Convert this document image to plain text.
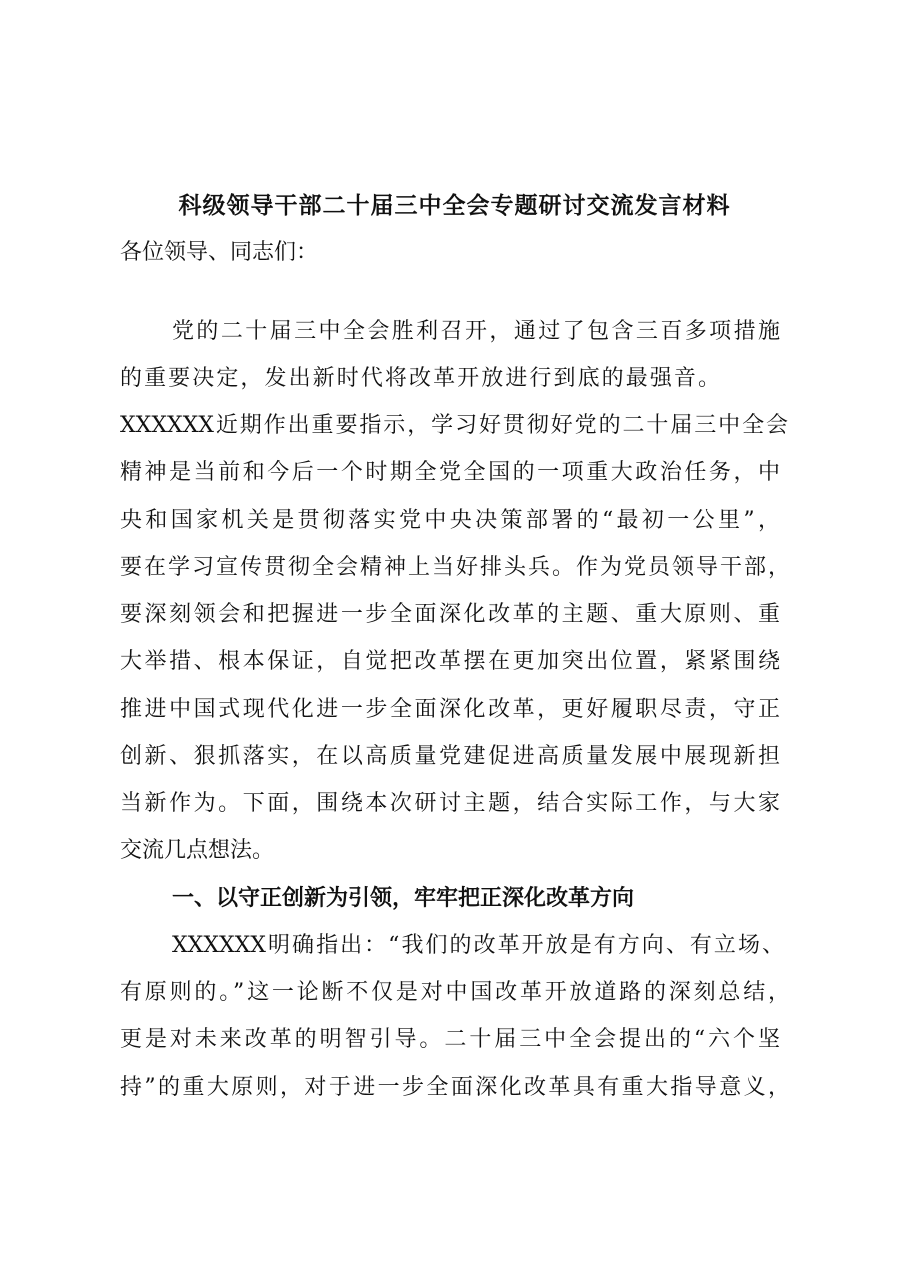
科级领导干部二十届三中全会专题研讨交流发言材料
各位领导、同志们：
党的二十届三中全会胜利召开，通过了包含三百多项措施
的重要决定，发出新时代将改革开放进行到底的最强音。
XXXXXX近期作出重要指示，学习好贯彻好党的二十届三中全会
精神是当前和今后一个时期全党全国的一项重大政治任务，中
央和国家机关是贯彻落实党中央决策部署的“最初一公里”，
要在学习宣传贯彻全会精神上当好排头兵。作为党员领导干部，
要深刻领会和把握进一步全面深化改革的主题、重大原则、重
大举措、根本保证，自觉把改革摆在更加突出位置，紧紧围绕
推进中国式现代化进一步全面深化改革，更好履职尽责，守正
创新、狠抓落实，在以高质量党建促进高质量发展中展现新担
当新作为。下面，围绕本次研讨主题，结合实际工作，与大家
交流几点想法。
一、以守正创新为引领，牢牢把正深化改革方向
XXXXXX明确指出：“我们的改革开放是有方向、有立场、
有原则的。”这一论断不仅是对中国改革开放道路的深刻总结，
更是对未来改革的明智引导。二十届三中全会提出的“六个坚
持”的重大原则，对于进一步全面深化改革具有重大指导意义，
